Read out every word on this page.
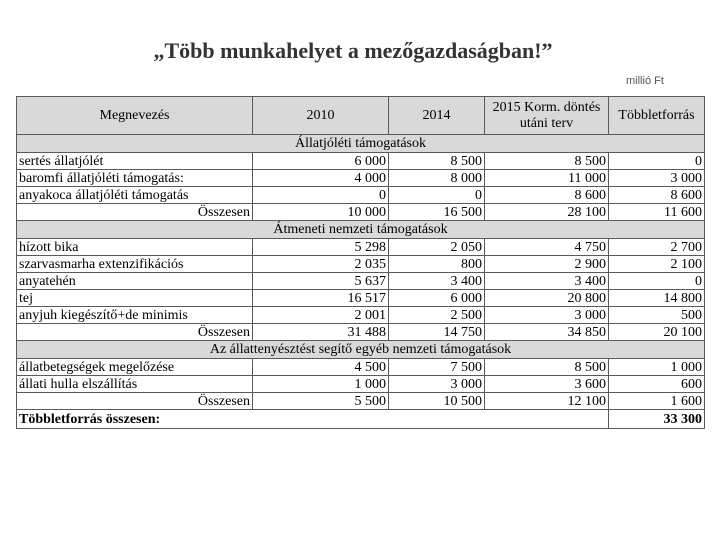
„Több munkahelyet a mezőgazdaságban!”
millió Ft
Megnevezés	2010	2014	2015 Korm. döntés utáni terv	Többletforrás
Állatjóléti támogatások				
sertés állatjólét	6 000	8 500	8 500	0
baromfi állatjóléti támogatás:	4 000	8 000	11 000	3 000
anyakoca állatjóléti támogatás	0	0	8 600	8 600
Összesen	10 000	16 500	28 100	11 600
Átmeneti nemzeti támogatások				
hízott bika	5 298	2 050	4 750	2 700
szarvasmarha extenzifikációs	2 035	800	2 900	2 100
anyatehén	5 637	3 400	3 400	0
tej	16 517	6 000	20 800	14 800
anyjuh kiegészítő+de minimis	2 001	2 500	3 000	500
Összesen	31 488	14 750	34 850	20 100
Az állattenyésztést segítő egyéb nemzeti támogatások				
állatbetegségek megelőzése	4 500	7 500	8 500	1 000
állati hulla elszállítás	1 000	3 000	3 600	600
Összesen	5 500	10 500	12 100	1 600
Többletforrás összesen:				33 300
